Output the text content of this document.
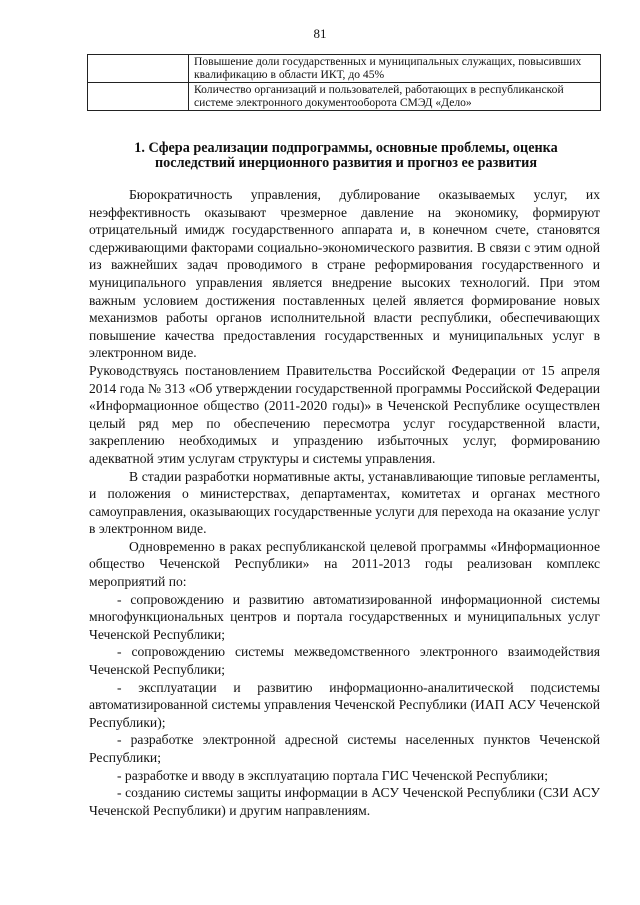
81
	Повышение доли государственных и муниципальных служащих, повысивших квалификацию в области ИКТ, до 45%
	Количество организаций и пользователей, работающих в республиканской системе электронного документооборота СМЭД «Дело»
1. Сфера реализации подпрограммы, основные проблемы, оценка последствий инерционного развития и прогноз ее развития

Бюрократичность управления, дублирование оказываемых услуг, их неэффективность оказывают чрезмерное давление на экономику, формируют отрицательный имидж государственного аппарата и, в конечном счете, становятся сдерживающими факторами социально-экономического развития. В связи с этим одной из важнейших задач проводимого в стране реформирования государственного и муниципального управления является внедрение высоких технологий. При этом важным условием достижения поставленных целей является формирование новых механизмов работы органов исполнительной власти республики, обеспечивающих повышение качества предоставления государственных и муниципальных услуг в электронном виде.

Руководствуясь постановлением Правительства Российской Федерации от 15 апреля 2014 года № 313 «Об утверждении государственной программы Российской Федерации «Информационное общество (2011-2020 годы)» в Чеченской Республике осуществлен целый ряд мер по обеспечению пересмотра услуг государственной власти, закреплению необходимых и упраздению избыточных услуг, формированию адекватной этим услугам структуры и системы управления.

В стадии разработки нормативные акты, устанавливающие типовые регламенты, и положения о министерствах, департаментах, комитетах и органах местного самоуправления, оказывающих государственные услуги для перехода на оказание услуг в электронном виде.

Одновременно в раках республиканской целевой программы «Информационное общество Чеченской Республики» на 2011-2013 годы реализован комплекс мероприятий по:

- сопровождению и развитию автоматизированной информационной системы многофункциональных центров и портала государственных и муниципальных услуг Чеченской Республики;

- сопровождению системы межведомственного электронного взаимодействия Чеченской Республики;

- эксплуатации и развитию информационно-аналитической подсистемы автоматизированной системы управления Чеченской Республики (ИАП АСУ Чеченской Республики);

- разработке электронной адресной системы населенных пунктов Чеченской Республики;

- разработке и вводу в эксплуатацию портала ГИС Чеченской Республики;

- созданию системы защиты информации в АСУ Чеченской Республики (СЗИ АСУ Чеченской Республики) и другим направлениям.
